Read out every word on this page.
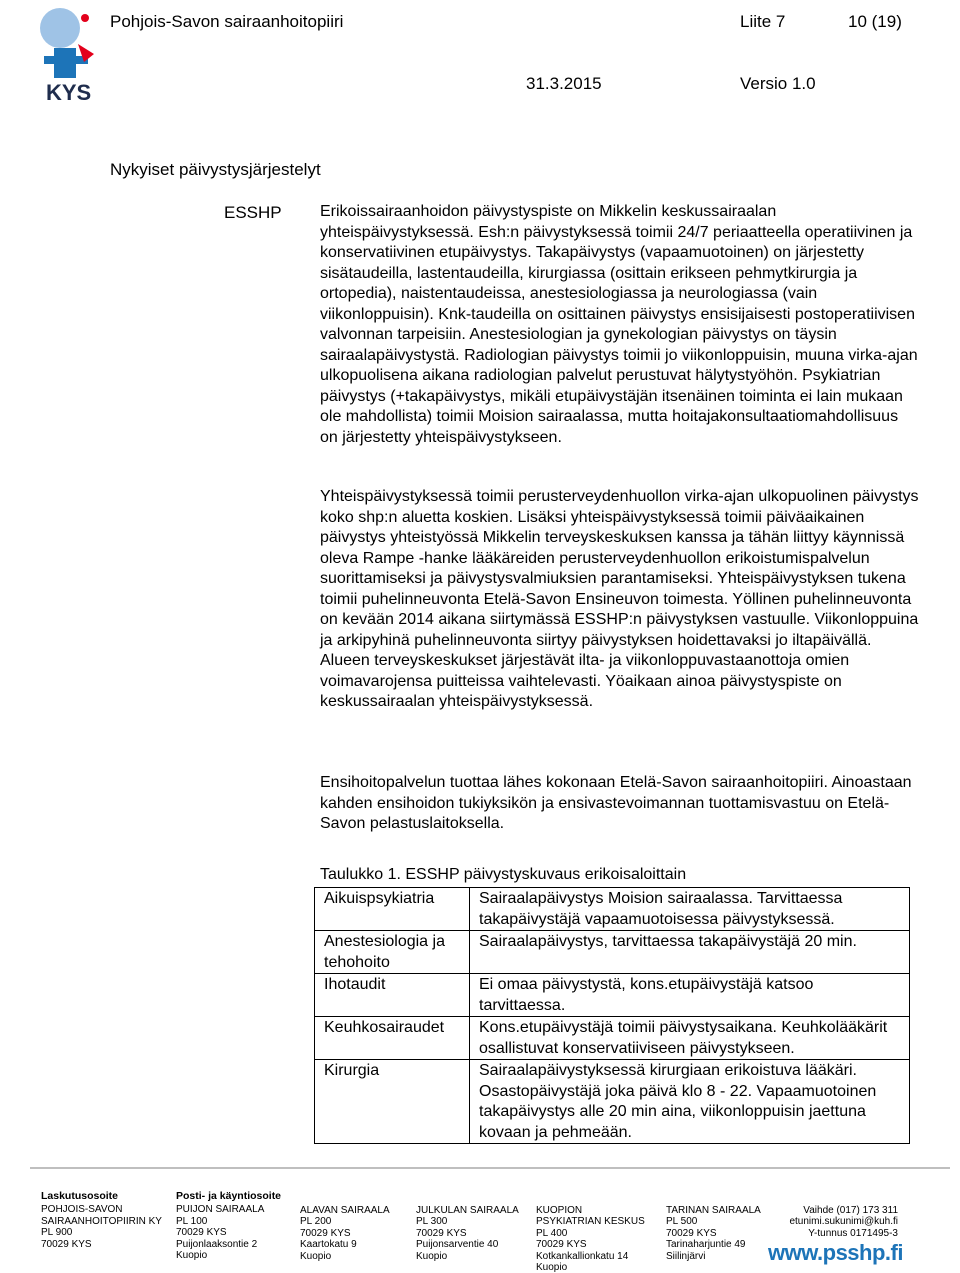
KYS
Pohjois-Savon sairaanhoitopiiri	Liite 7	10 (19)
31.3.2015	Versio 1.0
Nykyiset päivystysjärjestelyt
ESSHP Erikoissairaanhoidon päivystyspiste on Mikkelin keskussairaalan yhteispäivystyksessä. Esh:n päivystyksessä toimii 24/7 periaatteella operatiivinen ja konservatiivinen etupäivystys. Takapäivystys (vapaamuotoinen) on järjestetty sisätaudeilla, lastentaudeilla, kirurgiassa (osittain erikseen pehmytkirurgia ja ortopedia), naistentaudeissa, anestesiologiassa ja neurologiassa (vain viikonloppuisin). Knk-taudeilla on osittainen päivystys ensisijaisesti postoperatiivisen valvonnan tarpeisiin. Anestesiologian ja gynekologian päivystys on täysin sairaalapäivystystä. Radiologian päivystys toimii jo viikonloppuisin, muuna virka-ajan ulkopuolisena aikana radiologian palvelut perustuvat hälytystyöhön. Psykiatrian päivystys (+takapäivystys, mikäli etupäivystäjän itsenäinen toiminta ei lain mukaan ole mahdollista) toimii Moision sairaalassa, mutta hoitajakonsultaatiomahdollisuus on järjestetty yhteispäivystykseen.
Yhteispäivystyksessä toimii perusterveydenhuollon virka-ajan ulkopuolinen päivystys koko shp:n aluetta koskien. Lisäksi yhteispäivystyksessä toimii päiväaikainen päivystys yhteistyössä Mikkelin terveyskeskuksen kanssa ja tähän liittyy käynnissä oleva Rampe -hanke lääkäreiden perusterveydenhuollon erikoistumispalvelun suorittamiseksi ja päivystysvalmiuksien parantamiseksi. Yhteispäivystyksen tukena toimii puhelinneuvonta Etelä-Savon Ensineuvon toimesta. Yöllinen puhelinneuvonta on kevään 2014 aikana siirtymässä ESSHP:n päivystyksen vastuulle. Viikonloppuina ja arkipyhinä puhelinneuvonta siirtyy päivystyksen hoidettavaksi jo iltapäivällä. Alueen terveyskeskukset järjestävät ilta- ja viikonloppuvastaanottoja omien voimavarojensa puitteissa vaihtelevasti. Yöaikaan ainoa päivystyspiste on keskussairaalan yhteispäivystyksessä.
Ensihoitopalvelun tuottaa lähes kokonaan Etelä-Savon sairaanhoitopiiri. Ainoastaan kahden ensihoidon tukiyksikön ja ensivastevoimannan tuottamisvastuu on Etelä-Savon pelastuslaitoksella.
Taulukko 1. ESSHP päivystyskuvaus erikoisaloittain
Aikuispsykiatria	Sairaalapäivystys Moision sairaalassa. Tarvittaessa takapäivystäjä vapaamuotoisessa päivystyksessä.
Anestesiologia ja tehohoito	Sairaalapäivystys, tarvittaessa takapäivystäjä 20 min.
Ihotaudit	Ei omaa päivystystä, kons.etupäivystäjä katsoo tarvittaessa.
Keuhkosairaudet	Kons.etupäivystäjä toimii päivystysaikana. Keuhkolääkärit osallistuvat konservatiiviseen päivystykseen.
Kirurgia	Sairaalapäivystyksessä kirurgiaan erikoistuva lääkäri. Osastopäivystäjä joka päivä klo 8 - 22. Vapaamuotoinen takapäivystys alle 20 min aina, viikonloppuisin jaettuna kovaan ja pehmeään.
Laskutusosoite
POHJOIS-SAVON
SAIRAANHOITOPIIRIN KY
PL 900
70029 KYS
Posti- ja käyntiosoite
PUIJON SAIRAALA
PL 100
70029 KYS
Puijonlaaksontie 2
Kuopio
ALAVAN SAIRAALA
PL 200
70029 KYS
Kaartokatu 9
Kuopio
JULKULAN SAIRAALA
PL 300
70029 KYS
Puijonsarventie 40
Kuopio
KUOPION
PSYKIATRIAN KESKUS
PL 400
70029 KYS
Kotkankallionkatu 14
Kuopio
TARINAN SAIRAALA
PL 500
70029 KYS
Tarinaharjuntie 49
Siilinjärvi
Vaihde (017) 173 311
etunimi.sukunimi@kuh.fi
Y-tunnus 0171495-3
www.psshp.fi
